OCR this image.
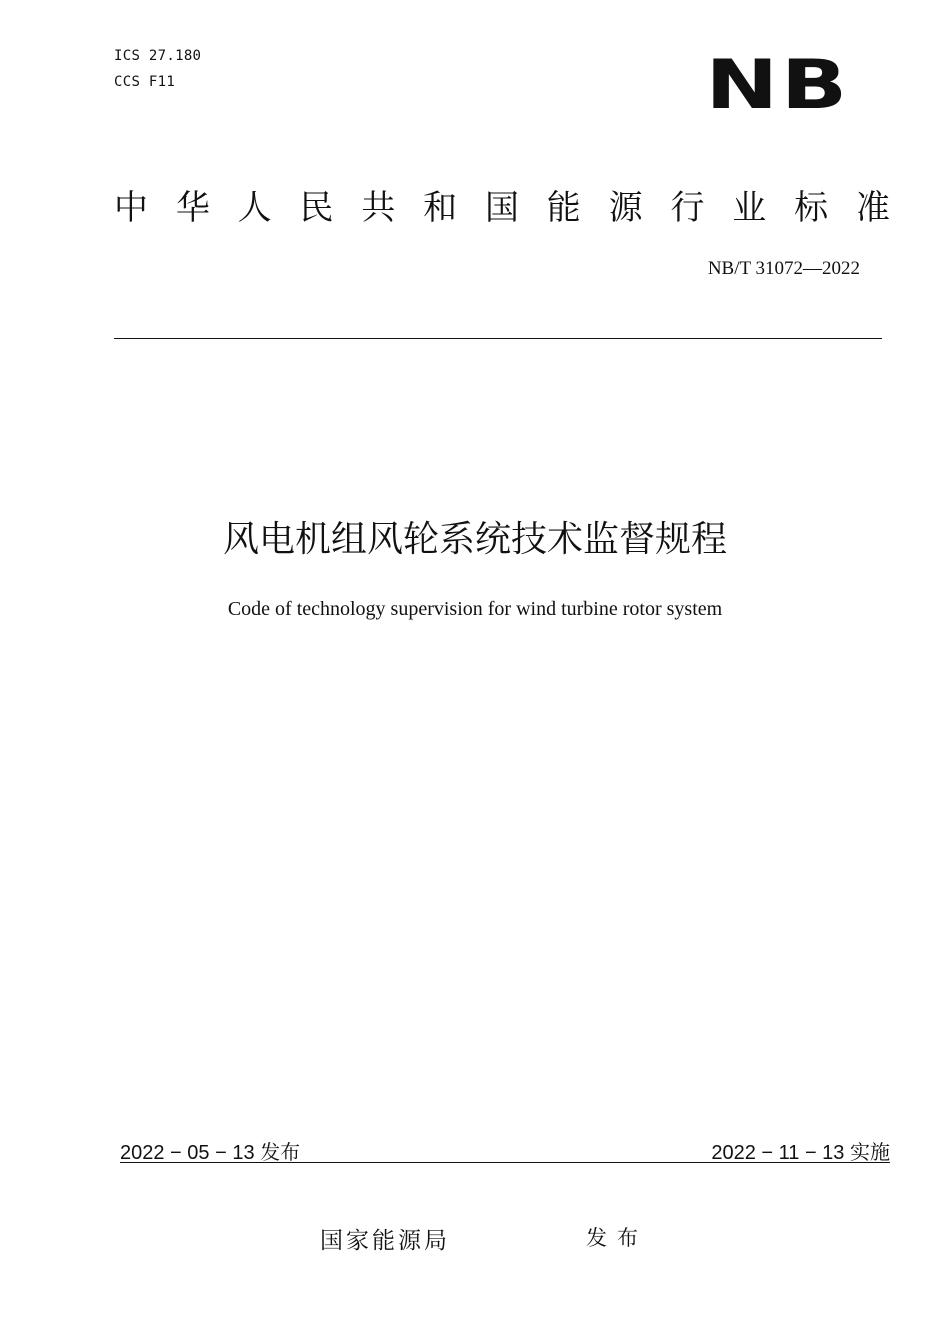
ICS 27.180
CCS F11	NB
中 华 人 民 共 和 国 能 源 行 业 标 准
NB/T 31072—2022
风电机组风轮系统技术监督规程
Code of technology supervision for wind turbine rotor system
2022 − 05 − 13 发布	2022 − 11 − 13 实施
国家能源局	发布
